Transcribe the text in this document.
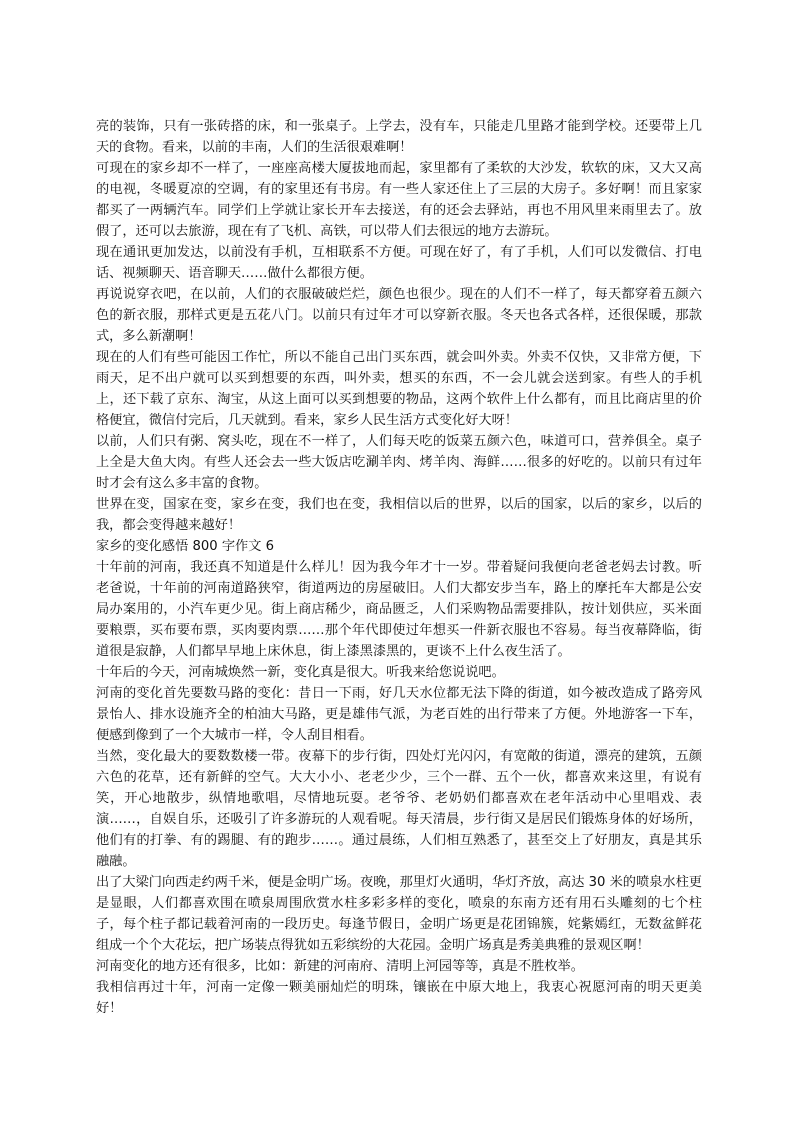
亮的装饰，只有一张砖搭的床，和一张桌子。上学去，没有车，只能走几里路才能到学校。还要带上几天的食物。看来，以前的丰南，人们的生活很艰难啊！

可现在的家乡却不一样了，一座座高楼大厦拔地而起，家里都有了柔软的大沙发，软软的床，又大又高的电视，冬暖夏凉的空调，有的家里还有书房。有一些人家还住上了三层的大房子。多好啊！而且家家都买了一两辆汽车。同学们上学就让家长开车去接送，有的还会去驿站，再也不用风里来雨里去了。放假了，还可以去旅游，现在有了飞机、高铁，可以带人们去很远的地方去游玩。

现在通讯更加发达，以前没有手机，互相联系不方便。可现在好了，有了手机，人们可以发微信、打电话、视频聊天、语音聊天……做什么都很方便。

再说说穿衣吧，在以前，人们的衣服破破烂烂，颜色也很少。现在的人们不一样了，每天都穿着五颜六色的新衣服，那样式更是五花八门。以前只有过年才可以穿新衣服。冬天也各式各样，还很保暖，那款式，多么新潮啊！

现在的人们有些可能因工作忙，所以不能自己出门买东西，就会叫外卖。外卖不仅快，又非常方便，下雨天，足不出户就可以买到想要的东西，叫外卖，想买的东西，不一会儿就会送到家。有些人的手机上，还下载了京东、淘宝，从这上面可以买到想要的物品，这两个软件上什么都有，而且比商店里的价格便宜，微信付完后，几天就到。看来，家乡人民生活方式变化好大呀！

以前，人们只有粥、窝头吃，现在不一样了，人们每天吃的饭菜五颜六色，味道可口，营养俱全。桌子上全是大鱼大肉。有些人还会去一些大饭店吃涮羊肉、烤羊肉、海鲜……很多的好吃的。以前只有过年时才会有这么多丰富的食物。

世界在变，国家在变，家乡在变，我们也在变，我相信以后的世界，以后的国家，以后的家乡，以后的我，都会变得越来越好！

家乡的变化感悟 800 字作文 6

十年前的河南，我还真不知道是什么样儿！因为我今年才十一岁。带着疑问我便向老爸老妈去讨教。听老爸说，十年前的河南道路狭窄，街道两边的房屋破旧。人们大都安步当车，路上的摩托车大都是公安局办案用的，小汽车更少见。街上商店稀少，商品匮乏，人们采购物品需要排队，按计划供应，买米面要粮票，买布要布票，买肉要肉票……那个年代即使过年想买一件新衣服也不容易。每当夜幕降临，街道很是寂静，人们都早早地上床休息，街上漆黑漆黑的，更谈不上什么夜生活了。

十年后的今天，河南城焕然一新，变化真是很大。听我来给您说说吧。

河南的变化首先要数马路的变化：昔日一下雨，好几天水位都无法下降的街道，如今被改造成了路旁风景怡人、排水设施齐全的柏油大马路，更是雄伟气派，为老百姓的出行带来了方便。外地游客一下车，便感到像到了一个大城市一样，令人刮目相看。

当然，变化最大的要数数楼一带。夜幕下的步行街，四处灯光闪闪，有宽敞的街道，漂亮的建筑，五颜六色的花草，还有新鲜的空气。大大小小、老老少少，三个一群、五个一伙，都喜欢来这里，有说有笑，开心地散步，纵情地歌唱，尽情地玩耍。老爷爷、老奶奶们都喜欢在老年活动中心里唱戏、表演……，自娱自乐，还吸引了许多游玩的人观看呢。每天清晨，步行街又是居民们锻炼身体的好场所，他们有的打拳、有的踢腿、有的跑步……。通过晨练，人们相互熟悉了，甚至交上了好朋友，真是其乐融融。

出了大梁门向西走约两千米，便是金明广场。夜晚，那里灯火通明，华灯齐放，高达 30 米的喷泉水柱更是显眼，人们都喜欢围在喷泉周围欣赏水柱多彩多样的变化，喷泉的东南方还有用石头雕刻的七个柱子，每个柱子都记载着河南的一段历史。每逢节假日，金明广场更是花团锦簇，姹紫嫣红，无数盆鲜花组成一个个大花坛，把广场装点得犹如五彩缤纷的大花园。金明广场真是秀美典雅的景观区啊！

河南变化的地方还有很多，比如：新建的河南府、清明上河园等等，真是不胜枚举。

我相信再过十年，河南一定像一颗美丽灿烂的明珠，镶嵌在中原大地上，我衷心祝愿河南的明天更美好！
